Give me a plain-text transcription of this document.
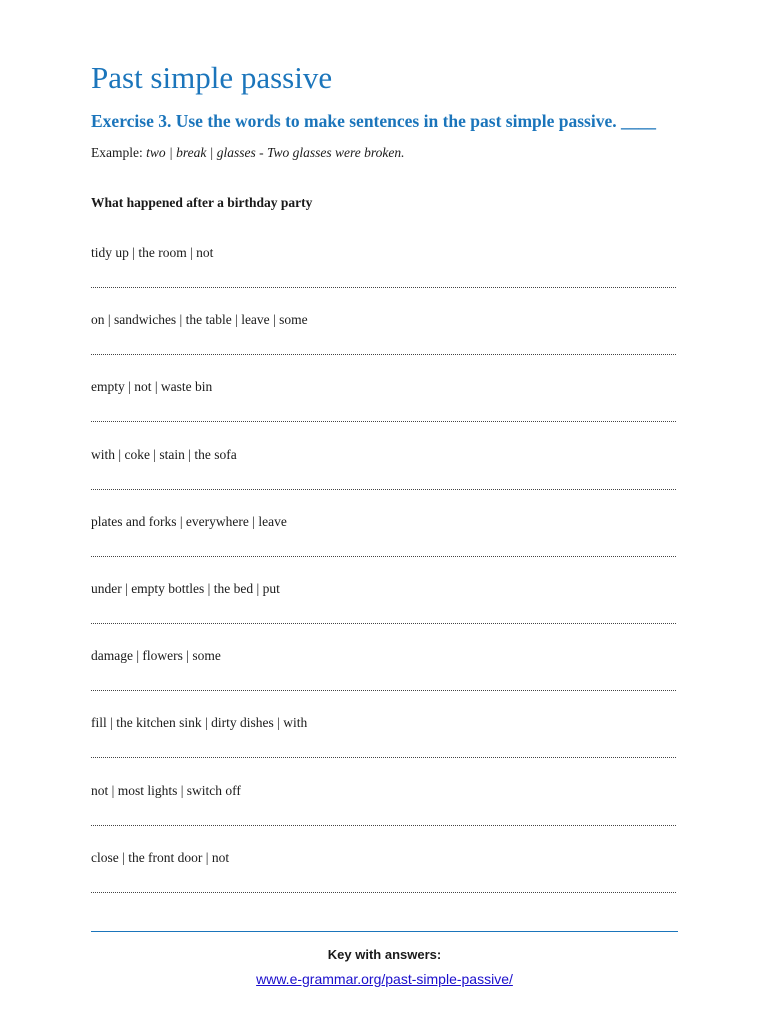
Past simple passive
Exercise 3. Use the words to make sentences in the past simple passive. ____
Example: two | break | glasses - Two glasses were broken.
What happened after a birthday party
tidy up | the room | not
on | sandwiches | the table | leave | some
empty | not | waste bin
with | coke | stain | the sofa
plates and forks | everywhere | leave
under | empty bottles | the bed | put
damage | flowers | some
fill | the kitchen sink | dirty dishes | with
not | most lights | switch off
close | the front door | not
Key with answers:
www.e-grammar.org/past-simple-passive/
